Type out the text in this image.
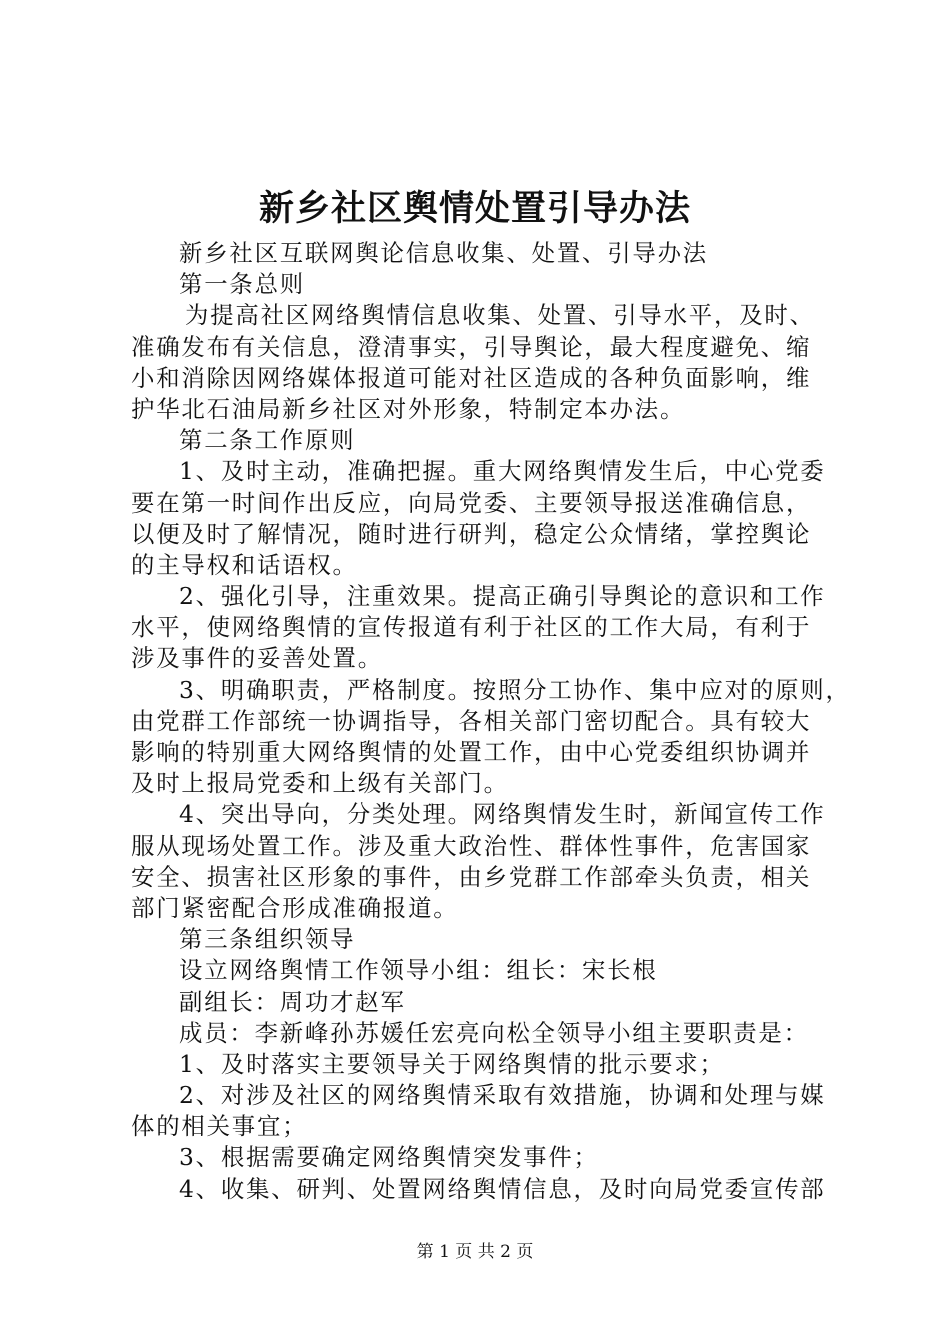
新乡社区舆情处置引导办法
新乡社区互联网舆论信息收集、处置、引导办法
第一条总则
为提高社区网络舆情信息收集、处置、引导水平，及时、
准确发布有关信息，澄清事实，引导舆论，最大程度避免、缩
小和消除因网络媒体报道可能对社区造成的各种负面影响，维
护华北石油局新乡社区对外形象，特制定本办法。
第二条工作原则
1、及时主动，准确把握。重大网络舆情发生后，中心党委
要在第一时间作出反应，向局党委、主要领导报送准确信息，
以便及时了解情况，随时进行研判，稳定公众情绪，掌控舆论
的主导权和话语权。
2、强化引导，注重效果。提高正确引导舆论的意识和工作
水平，使网络舆情的宣传报道有利于社区的工作大局，有利于
涉及事件的妥善处置。
3、明确职责，严格制度。按照分工协作、集中应对的原则，
由党群工作部统一协调指导，各相关部门密切配合。具有较大
影响的特别重大网络舆情的处置工作，由中心党委组织协调并
及时上报局党委和上级有关部门。
4、突出导向，分类处理。网络舆情发生时，新闻宣传工作
服从现场处置工作。涉及重大政治性、群体性事件，危害国家
安全、损害社区形象的事件，由乡党群工作部牵头负责，相关
部门紧密配合形成准确报道。
第三条组织领导
设立网络舆情工作领导小组：组长：宋长根
副组长：周功才赵军
成员：李新峰孙苏媛任宏亮向松全领导小组主要职责是：
1、及时落实主要领导关于网络舆情的批示要求；
2、对涉及社区的网络舆情采取有效措施，协调和处理与媒
体的相关事宜；
3、根据需要确定网络舆情突发事件；
4、收集、研判、处置网络舆情信息，及时向局党委宣传部
第 1 页 共 2 页
